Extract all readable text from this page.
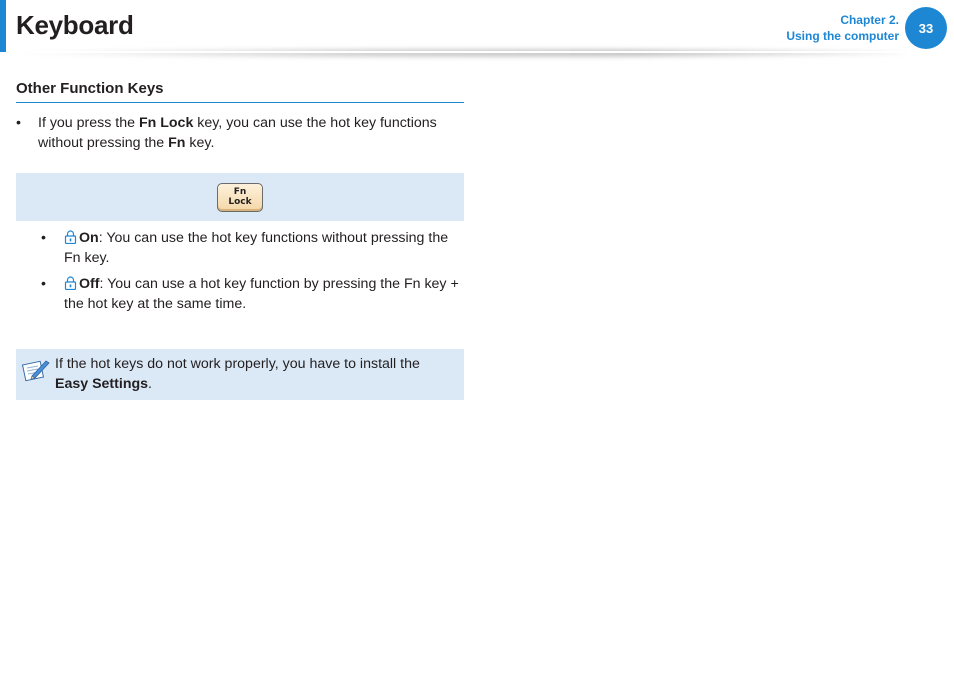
Keyboard	Chapter 2.
Using the computer
33
Other Function Keys
•	If you press the Fn Lock key, you can use the hot key functions without pressing the Fn key.
Fn
Lock
•	On: You can use the hot key functions without pressing the Fn key.
•	Off: You can use a hot key function by pressing the Fn key + the hot key at the same time.
If the hot keys do not work properly, you have to install the Easy Settings.
